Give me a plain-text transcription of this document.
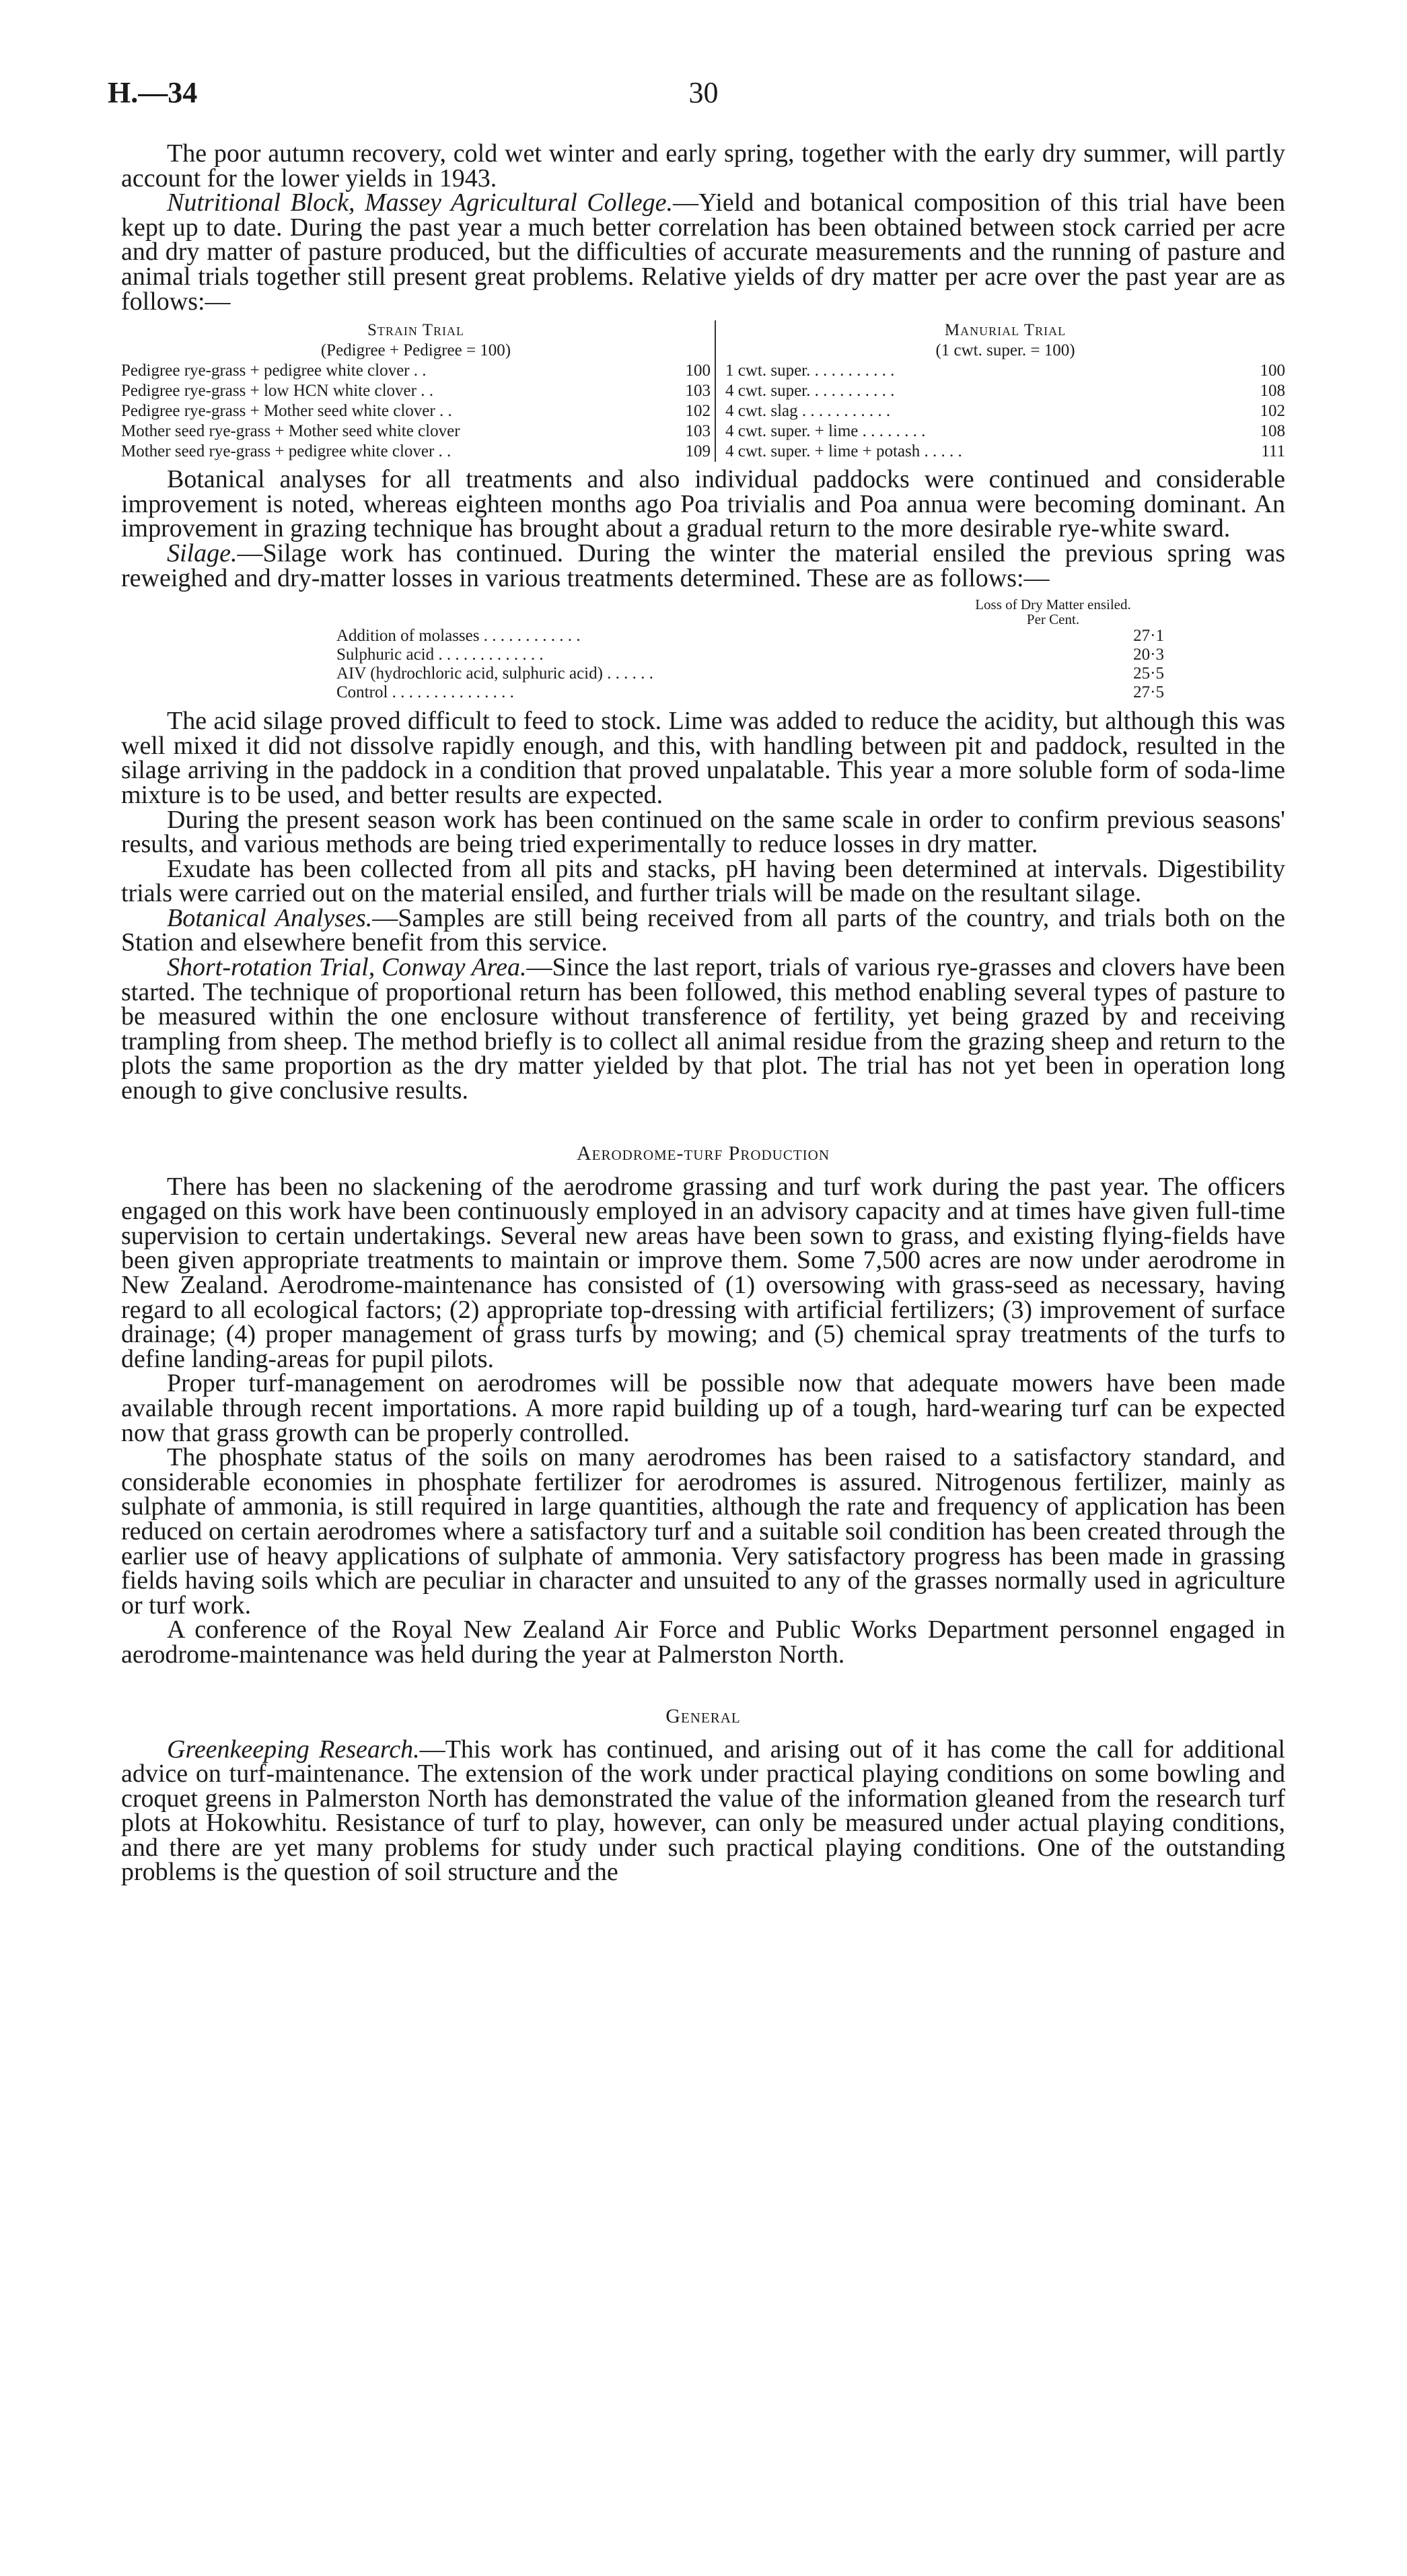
H.—34	30

The poor autumn recovery, cold wet winter and early spring, together with the early dry summer, will partly account for the lower yields in 1943.

Nutritional Block, Massey Agricultural College.—Yield and botanical composition of this trial have been kept up to date. During the past year a much better correlation has been obtained between stock carried per acre and dry matter of pasture produced, but the difficulties of accurate measurements and the running of pasture and animal trials together still present great problems. Relative yields of dry matter per acre over the past year are as follows:—

Strain Trial
(Pedigree + Pedigree = 100)
Pedigree rye-grass + pedigree white clover . .	100
Pedigree rye-grass + low HCN white clover . .	103
Pedigree rye-grass + Mother seed white clover . .	102
Mother seed rye-grass + Mother seed white clover	103
Mother seed rye-grass + pedigree white clover . .	109
Manurial Trial
(1 cwt. super. = 100)
1 cwt. super. . . . . . . . . . .	100
4 cwt. super. . . . . . . . . . .	108
4 cwt. slag . . . . . . . . . . .	102
4 cwt. super. + lime . . . . . . . .	108
4 cwt. super. + lime + potash . . . . .	111

Botanical analyses for all treatments and also individual paddocks were continued and considerable improvement is noted, whereas eighteen months ago Poa trivialis and Poa annua were becoming dominant. An improvement in grazing technique has brought about a gradual return to the more desirable rye-white sward.

Silage.—Silage work has continued. During the winter the material ensiled the previous spring was reweighed and dry-matter losses in various treatments determined. These are as follows:—

Loss of Dry Matter ensiled.
Per Cent.
Addition of molasses . . . . . . . . . . . .	27·1
Sulphuric acid . . . . . . . . . . . . .	20·3
AIV (hydrochloric acid, sulphuric acid) . . . . . .	25·5
Control . . . . . . . . . . . . . . .	27·5

The acid silage proved difficult to feed to stock. Lime was added to reduce the acidity, but although this was well mixed it did not dissolve rapidly enough, and this, with handling between pit and paddock, resulted in the silage arriving in the paddock in a condition that proved unpalatable. This year a more soluble form of soda-lime mixture is to be used, and better results are expected.

During the present season work has been continued on the same scale in order to confirm previous seasons' results, and various methods are being tried experimentally to reduce losses in dry matter.

Exudate has been collected from all pits and stacks, pH having been determined at intervals. Digestibility trials were carried out on the material ensiled, and further trials will be made on the resultant silage.

Botanical Analyses.—Samples are still being received from all parts of the country, and trials both on the Station and elsewhere benefit from this service.

Short-rotation Trial, Conway Area.—Since the last report, trials of various rye-grasses and clovers have been started. The technique of proportional return has been followed, this method enabling several types of pasture to be measured within the one enclosure without transference of fertility, yet being grazed by and receiving trampling from sheep. The method briefly is to collect all animal residue from the grazing sheep and return to the plots the same proportion as the dry matter yielded by that plot. The trial has not yet been in operation long enough to give conclusive results.

Aerodrome-turf Production

There has been no slackening of the aerodrome grassing and turf work during the past year. The officers engaged on this work have been continuously employed in an advisory capacity and at times have given full-time supervision to certain undertakings. Several new areas have been sown to grass, and existing flying-fields have been given appropriate treatments to maintain or improve them. Some 7,500 acres are now under aerodrome in New Zealand. Aerodrome-maintenance has consisted of (1) oversowing with grass-seed as necessary, having regard to all ecological factors; (2) appropriate top-dressing with artificial fertilizers; (3) improvement of surface drainage; (4) proper management of grass turfs by mowing; and (5) chemical spray treatments of the turfs to define landing-areas for pupil pilots.

Proper turf-management on aerodromes will be possible now that adequate mowers have been made available through recent importations. A more rapid building up of a tough, hard-wearing turf can be expected now that grass growth can be properly controlled.

The phosphate status of the soils on many aerodromes has been raised to a satisfactory standard, and considerable economies in phosphate fertilizer for aerodromes is assured. Nitrogenous fertilizer, mainly as sulphate of ammonia, is still required in large quantities, although the rate and frequency of application has been reduced on certain aerodromes where a satisfactory turf and a suitable soil condition has been created through the earlier use of heavy applications of sulphate of ammonia. Very satisfactory progress has been made in grassing fields having soils which are peculiar in character and unsuited to any of the grasses normally used in agriculture or turf work.

A conference of the Royal New Zealand Air Force and Public Works Department personnel engaged in aerodrome-maintenance was held during the year at Palmerston North.

General

Greenkeeping Research.—This work has continued, and arising out of it has come the call for additional advice on turf-maintenance. The extension of the work under practical playing conditions on some bowling and croquet greens in Palmerston North has demonstrated the value of the information gleaned from the research turf plots at Hokowhitu. Resistance of turf to play, however, can only be measured under actual playing conditions, and there are yet many problems for study under such practical playing conditions. One of the outstanding problems is the question of soil structure and the
